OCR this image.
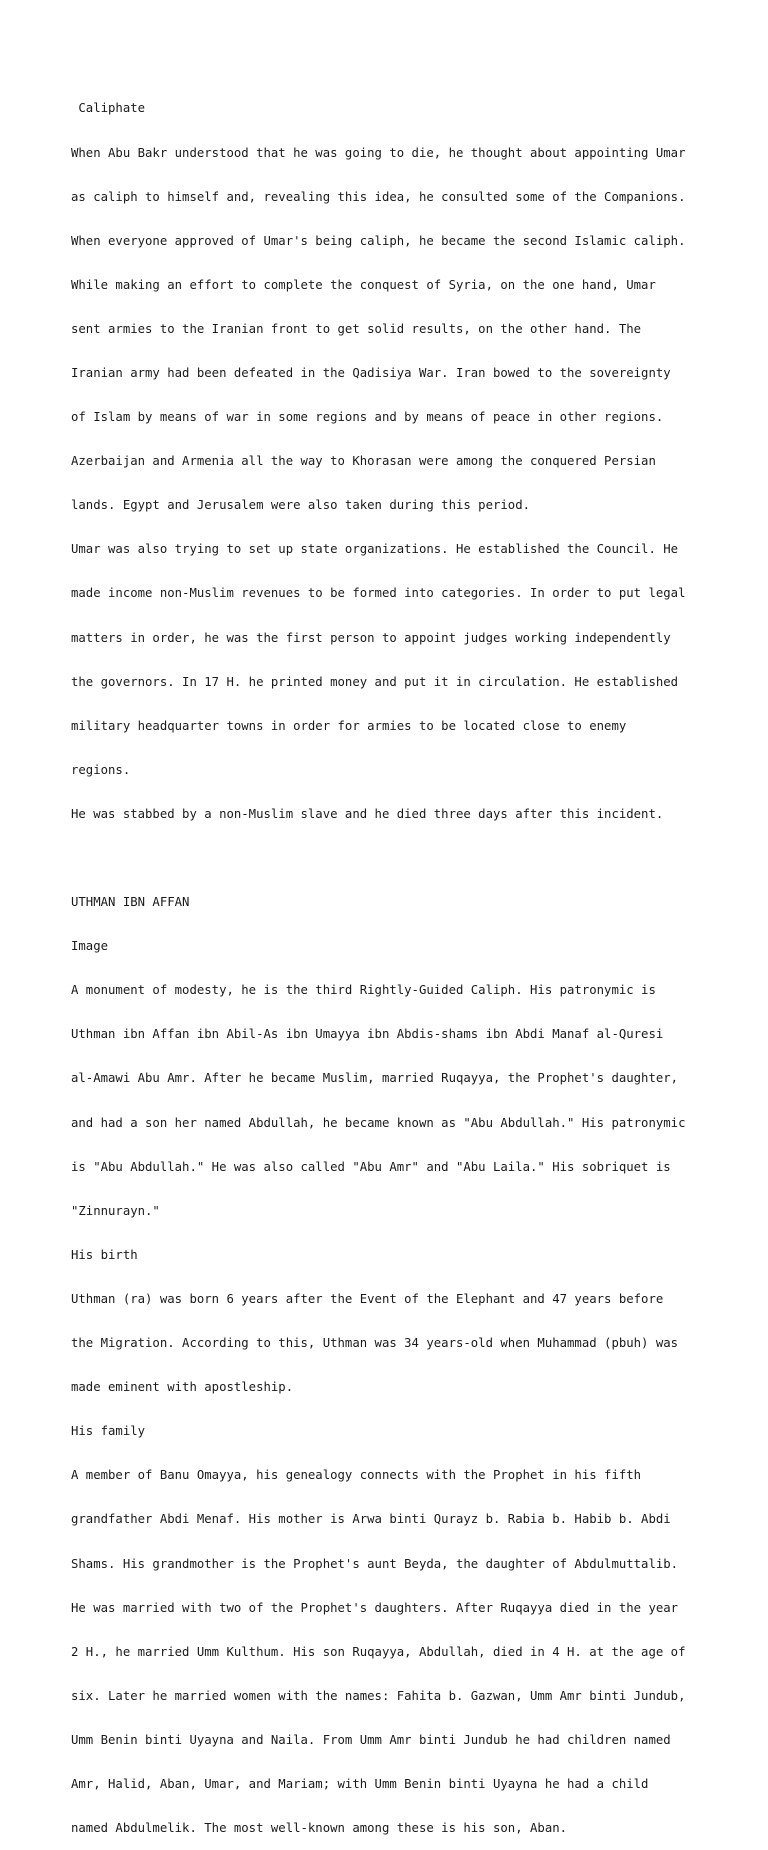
Caliphate

When Abu Bakr understood that he was going to die, he thought about appointing Umar

as caliph to himself and, revealing this idea, he consulted some of the Companions.

When everyone approved of Umar's being caliph, he became the second Islamic caliph.

While making an effort to complete the conquest of Syria, on the one hand, Umar

sent armies to the Iranian front to get solid results, on the other hand. The

Iranian army had been defeated in the Qadisiya War. Iran bowed to the sovereignty

of Islam by means of war in some regions and by means of peace in other regions.

Azerbaijan and Armenia all the way to Khorasan were among the conquered Persian

lands. Egypt and Jerusalem were also taken during this period.

Umar was also trying to set up state organizations. He established the Council. He

made income non-Muslim revenues to be formed into categories. In order to put legal

matters in order, he was the first person to appoint judges working independently

the governors. In 17 H. he printed money and put it in circulation. He established

military headquarter towns in order for armies to be located close to enemy

regions.

He was stabbed by a non-Muslim slave and he died three days after this incident.

UTHMAN IBN AFFAN

Image

A monument of modesty, he is the third Rightly-Guided Caliph. His patronymic is

Uthman ibn Affan ibn Abil-As ibn Umayya ibn Abdis-shams ibn Abdi Manaf al-Quresi

al-Amawi Abu Amr. After he became Muslim, married Ruqayya, the Prophet's daughter,

and had a son her named Abdullah, he became known as "Abu Abdullah." His patronymic

is "Abu Abdullah." He was also called "Abu Amr" and "Abu Laila." His sobriquet is

"Zinnurayn."

His birth

Uthman (ra) was born 6 years after the Event of the Elephant and 47 years before

the Migration. According to this, Uthman was 34 years-old when Muhammad (pbuh) was

made eminent with apostleship.

His family

A member of Banu Omayya, his genealogy connects with the Prophet in his fifth

grandfather Abdi Menaf. His mother is Arwa binti Qurayz b. Rabia b. Habib b. Abdi

Shams. His grandmother is the Prophet's aunt Beyda, the daughter of Abdulmuttalib.

He was married with two of the Prophet's daughters. After Ruqayya died in the year

2 H., he married Umm Kulthum. His son Ruqayya, Abdullah, died in 4 H. at the age of

six. Later he married women with the names: Fahita b. Gazwan, Umm Amr binti Jundub,

Umm Benin binti Uyayna and Naila. From Umm Amr binti Jundub he had children named

Amr, Halid, Aban, Umar, and Mariam; with Umm Benin binti Uyayna he had a child

named Abdulmelik. The most well-known among these is his son, Aban.
